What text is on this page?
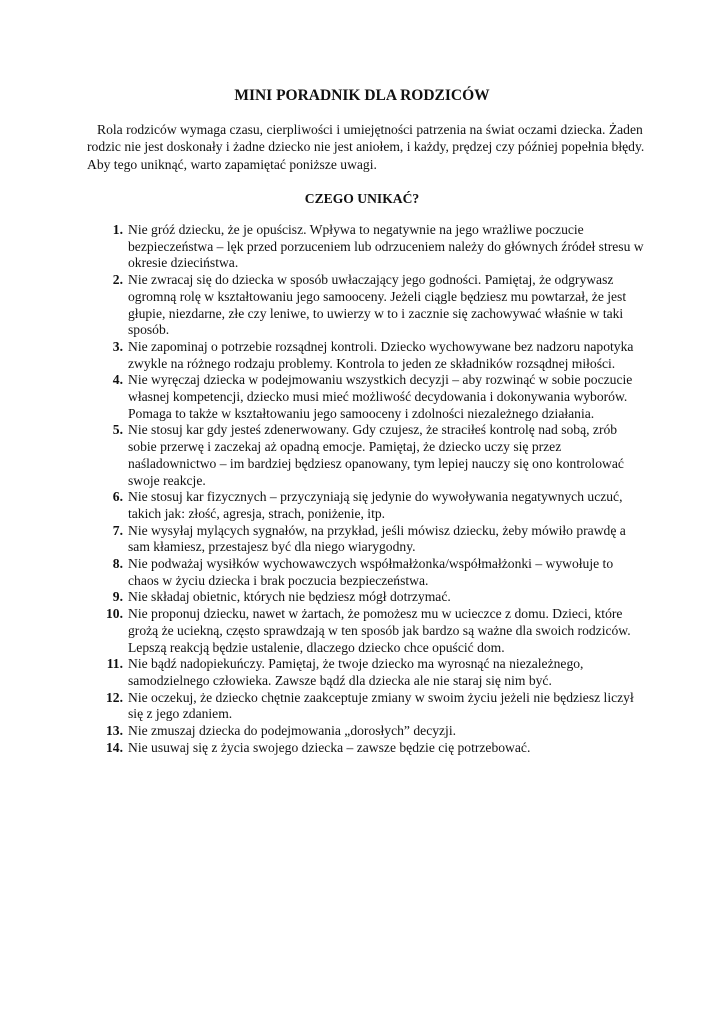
MINI PORADNIK DLA RODZICÓW

Rola rodziców wymaga czasu, cierpliwości i umiejętności patrzenia na świat oczami dziecka. Żaden rodzic nie jest doskonały i żadne dziecko nie jest aniołem, i każdy, prędzej czy później popełnia błędy. Aby tego uniknąć, warto zapamiętać poniższe uwagi.

CZEGO UNIKAĆ?
1. Nie gróź dziecku, że je opuścisz. Wpływa to negatywnie na jego wrażliwe poczucie bezpieczeństwa – lęk przed porzuceniem lub odrzuceniem należy do głównych źródeł stresu w okresie dzieciństwa.
2. Nie zwracaj się do dziecka w sposób uwłaczający jego godności. Pamiętaj, że odgrywasz ogromną rolę w kształtowaniu jego samooceny. Jeżeli ciągle będziesz mu powtarzał, że jest głupie, niezdarne, złe czy leniwe, to uwierzy w to i zacznie się zachowywać właśnie w taki sposób.
3. Nie zapominaj o potrzebie rozsądnej kontroli. Dziecko wychowywane bez nadzoru napotyka zwykle na różnego rodzaju problemy. Kontrola to jeden ze składników rozsądnej miłości.
4. Nie wyręczaj dziecka w podejmowaniu wszystkich decyzji – aby rozwinąć w sobie poczucie własnej kompetencji, dziecko musi mieć możliwość decydowania i dokonywania wyborów. Pomaga to także w kształtowaniu jego samooceny i zdolności niezależnego działania.
5. Nie stosuj kar gdy jesteś zdenerwowany. Gdy czujesz, że straciłeś kontrolę nad sobą, zrób sobie przerwę i zaczekaj aż opadną emocje. Pamiętaj, że dziecko uczy się przez naśladownictwo – im bardziej będziesz opanowany, tym lepiej nauczy się ono kontrolować swoje reakcje.
6. Nie stosuj kar fizycznych – przyczyniają się jedynie do wywoływania negatywnych uczuć, takich jak: złość, agresja, strach, poniżenie, itp.
7. Nie wysyłaj mylących sygnałów, na przykład, jeśli mówisz dziecku, żeby mówiło prawdę a sam kłamiesz, przestajesz być dla niego wiarygodny.
8. Nie podważaj wysiłków wychowawczych współmałżonka/współmałżonki – wywołuje to chaos w życiu dziecka i brak poczucia bezpieczeństwa.
9. Nie składaj obietnic, których nie będziesz mógł dotrzymać.
10. Nie proponuj dziecku, nawet w żartach, że pomożesz mu w ucieczce z domu. Dzieci, które grożą że uciekną, często sprawdzają w ten sposób jak bardzo są ważne dla swoich rodziców. Lepszą reakcją będzie ustalenie, dlaczego dziecko chce opuścić dom.
11. Nie bądź nadopiekuńczy. Pamiętaj, że twoje dziecko ma wyrosnąć na niezależnego, samodzielnego człowieka. Zawsze bądź dla dziecka ale nie staraj się nim być.
12. Nie oczekuj, że dziecko chętnie zaakceptuje zmiany w swoim życiu jeżeli nie będziesz liczył się z jego zdaniem.
13. Nie zmuszaj dziecka do podejmowania „dorosłych” decyzji.
14. Nie usuwaj się z życia swojego dziecka – zawsze będzie cię potrzebować.
